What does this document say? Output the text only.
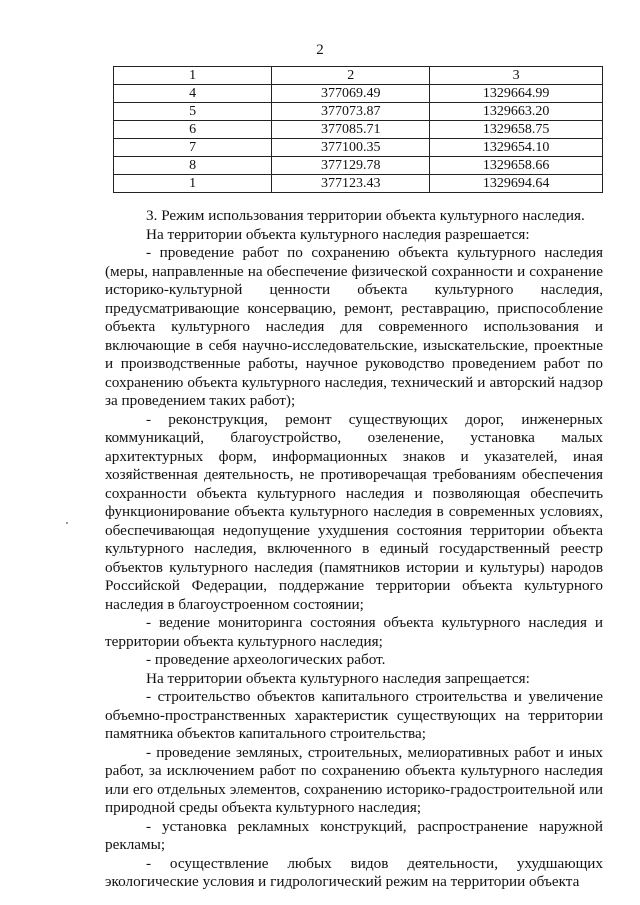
2
1	2	3
4	377069.49	1329664.99
5	377073.87	1329663.20
6	377085.71	1329658.75
7	377100.35	1329654.10
8	377129.78	1329658.66
1	377123.43	1329694.64

3. Режим использования территории объекта культурного наследия.

На территории объекта культурного наследия разрешается:

- проведение работ по сохранению объекта культурного наследия (меры, направленные на обеспечение физической сохранности и сохранение историко-культурной ценности объекта культурного наследия, предусматривающие консервацию, ремонт, реставрацию, приспособление объекта культурного наследия для современного использования и включающие в себя научно-исследовательские, изыскательские, проектные и производственные работы, научное руководство проведением работ по сохранению объекта культурного наследия, технический и авторский надзор за проведением таких работ);

- реконструкция, ремонт существующих дорог, инженерных коммуникаций, благоустройство, озеленение, установка малых архитектурных форм, информационных знаков и указателей, иная хозяйственная деятельность, не противоречащая требованиям обеспечения сохранности объекта культурного наследия и позволяющая обеспечить функционирование объекта культурного наследия в современных условиях, обеспечивающая недопущение ухудшения состояния территории объекта культурного наследия, включенного в единый государственный реестр объектов культурного наследия (памятников истории и культуры) народов Российской Федерации, поддержание территории объекта культурного наследия в благоустроенном состоянии;

- ведение мониторинга состояния объекта культурного наследия и территории объекта культурного наследия;

- проведение археологических работ.

На территории объекта культурного наследия запрещается:

- строительство объектов капитального строительства и увеличение объемно-пространственных характеристик существующих на территории памятника объектов капитального строительства;

- проведение земляных, строительных, мелиоративных работ и иных работ, за исключением работ по сохранению объекта культурного наследия или его отдельных элементов, сохранению историко-градостроительной или природной среды объекта культурного наследия;

- установка рекламных конструкций, распространение наружной рекламы;

- осуществление любых видов деятельности, ухудшающих экологические условия и гидрологический режим на территории объекта
